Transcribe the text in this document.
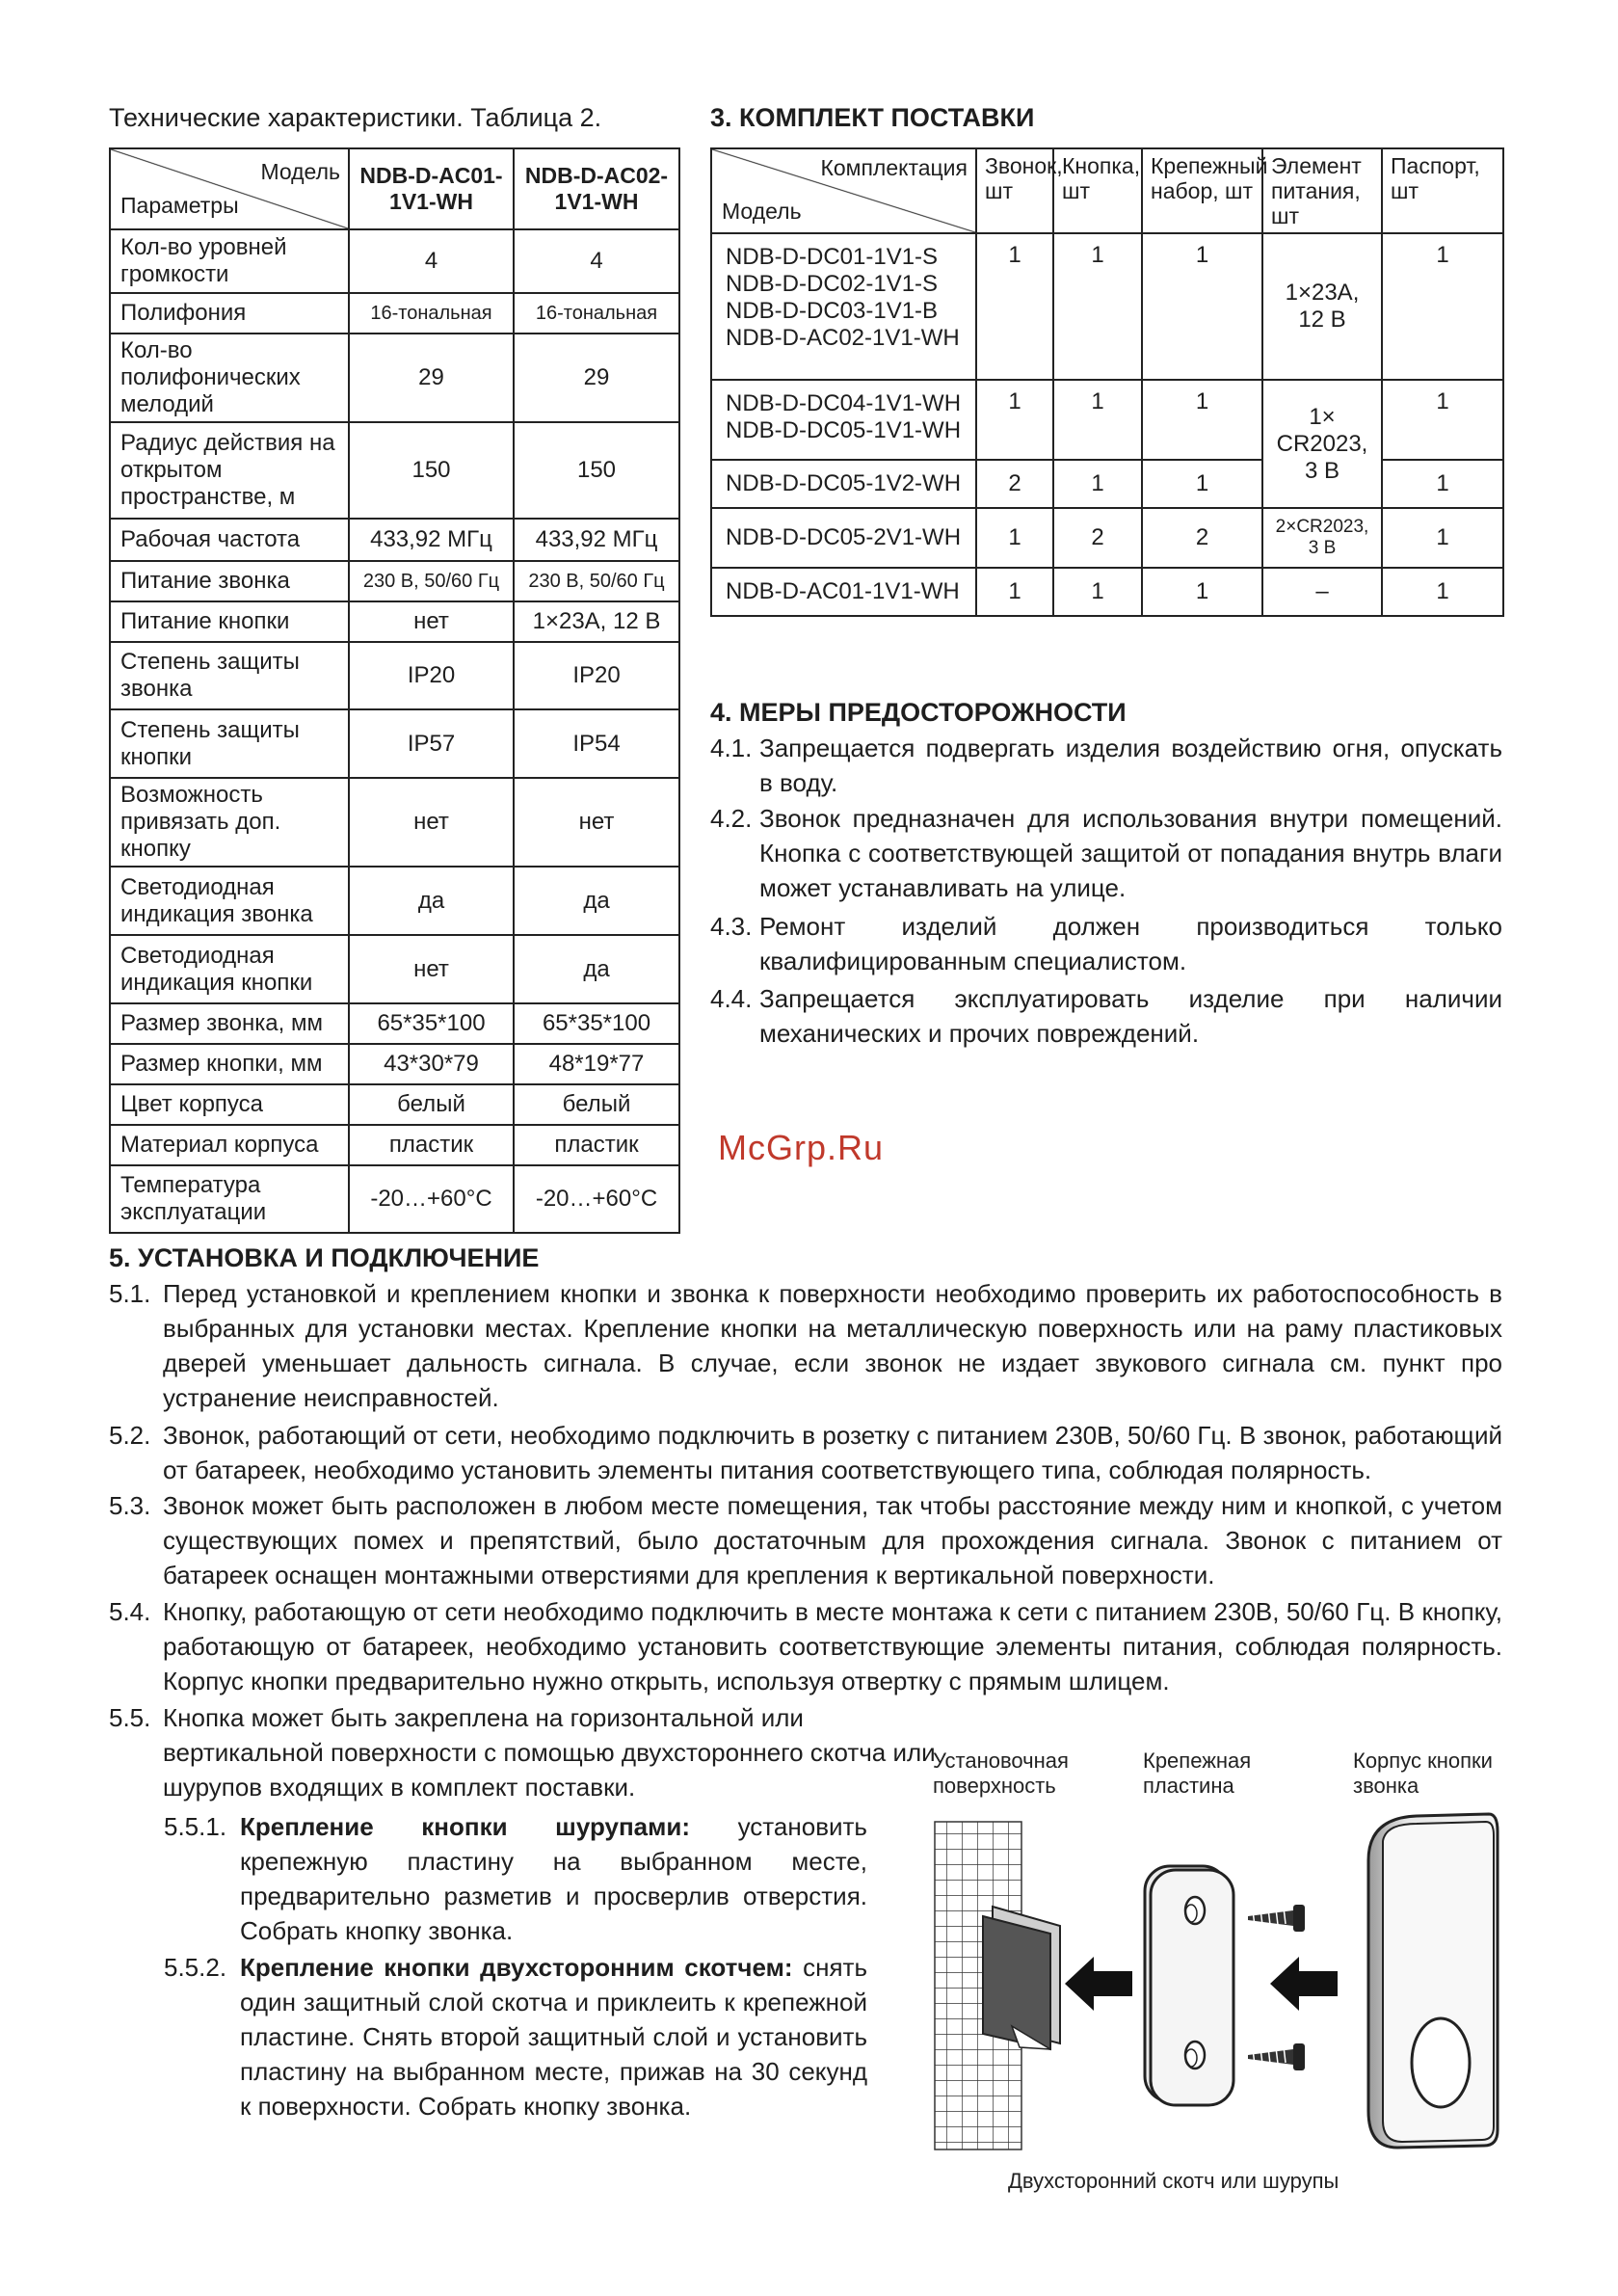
Технические характеристики. Таблица 2.
Модель
Параметры	NDB-D-AC01-1V1-WH	NDB-D-AC02-1V1-WH
Кол-во уровней громкости	4	4
Полифония	16-тональная	16-тональная
Кол-во полифонических мелодий	29	29
Радиус действия на открытом пространстве, м	150	150
Рабочая частота	433,92 МГц	433,92 МГц
Питание звонка	230 В, 50/60 Гц	230 В, 50/60 Гц
Питание кнопки	нет	1×23А, 12 В
Степень защиты звонка	IP20	IP20
Степень защиты кнопки	IP57	IP54
Возможность привязать доп. кнопку	нет	нет
Светодиодная индикация звонка	да	да
Светодиодная индикация кнопки	нет	да
Размер звонка, мм	65*35*100	65*35*100
Размер кнопки, мм	43*30*79	48*19*77
Цвет корпуса	белый	белый
Материал корпуса	пластик	пластик
Температура эксплуатации	-20…+60°С	-20…+60°С
3. КОМПЛЕКТ ПОСТАВКИ
Комплектация
Модель	Звонок, шт	Кнопка, шт	Крепежный набор, шт	Элемент питания, шт	Паспорт, шт
NDB-D-DC01-1V1-S NDB-D-DC02-1V1-S NDB-D-DC03-1V1-B NDB-D-AC02-1V1-WH	1	1	1	1×23А, 12 В	1
NDB-D-DC04-1V1-WH NDB-D-DC05-1V1-WH	1	1	1	1× CR2023, 3 В	1
NDB-D-DC05-1V2-WH	2	1	1		1
NDB-D-DC05-2V1-WH	1	2	2	2×CR2023, 3 В	1
NDB-D-AC01-1V1-WH	1	1	1	–	1
4. МЕРЫ ПРЕДОСТОРОЖНОСТИ
4.1. Запрещается подвергать изделия воздействию огня, опускать в воду.
4.2. Звонок предназначен для использования внутри помещений. Кнопка с соответствующей защитой от попадания внутрь влаги может устанавливать на улице.
4.3. Ремонт изделий должен производиться только квалифицированным специалистом.
4.4. Запрещается эксплуатировать изделие при наличии механических и прочих повреждений.
McGrp.Ru
5. УСТАНОВКА И ПОДКЛЮЧЕНИЕ
5.1. Перед установкой и креплением кнопки и звонка к поверхности необходимо проверить их работоспособность в выбранных для установки местах. Крепление кнопки на металлическую поверхность или на раму пластиковых дверей уменьшает дальность сигнала. В случае, если звонок не издает звукового сигнала см. пункт про устранение неисправностей.
5.2. Звонок, работающий от сети, необходимо подключить в розетку с питанием 230В, 50/60 Гц. В звонок, работающий от батареек, необходимо установить элементы питания соответствующего типа, соблюдая полярность.
5.3. Звонок может быть расположен в любом месте помещения, так чтобы расстояние между ним и кнопкой, с учетом существующих помех и препятствий, было достаточным для прохождения сигнала. Звонок с питанием от батареек оснащен монтажными отверстиями для крепления к вертикальной поверхности.
5.4. Кнопку, работающую от сети необходимо подключить в месте монтажа к сети с питанием 230В, 50/60 Гц. В кнопку, работающую от батареек, необходимо установить соответствующие элементы питания, соблюдая полярность. Корпус кнопки предварительно нужно открыть, используя отвертку с прямым шлицем.
5.5. Кнопка может быть закреплена на горизонтальной или вертикальной поверхности с помощью двухстороннего скотча или шурупов входящих в комплект поставки.
5.5.1. Крепление кнопки шурупами: установить крепежную пластину на выбранном месте, предварительно разметив и просверлив отверстия. Собрать кнопку звонка.
5.5.2. Крепление кнопки двухсторонним скотчем: снять один защитный слой скотча и приклеить к крепежной пластине. Снять второй защитный слой и установить пластину на выбранном месте, прижав на 30 секунд к поверхности. Собрать кнопку звонка.
Установочная поверхность
Крепежная пластина
Корпус кнопки звонка
Двухсторонний скотч или шурупы
